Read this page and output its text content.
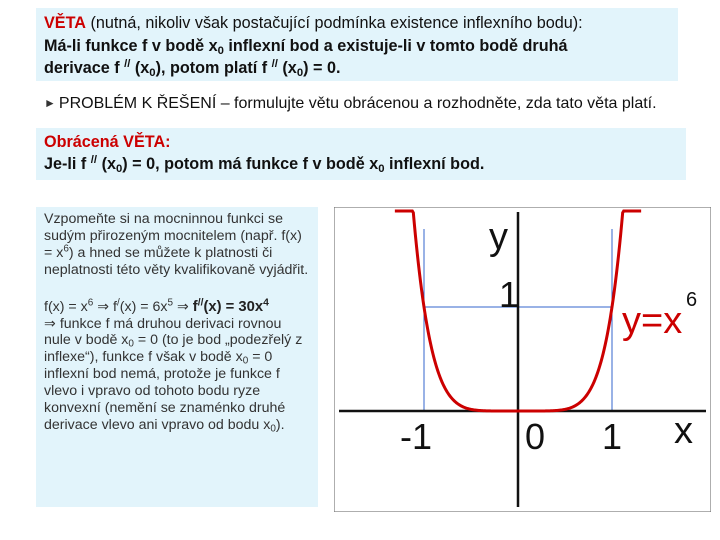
VĚTA (nutná, nikoliv však postačující podmínka existence inflexního bodu):
Má-li funkce f v bodě $x_0$ inflexní bod a existuje-li v tomto bodě druhá
derivace f // $(x_0)$, potom platí f // $(x_0) = 0$.
► PROBLÉM K ŘEŠENÍ – formulujte větu obrácenou a rozhodněte, zda tato věta platí.
Obrácená VĚTA:
Je-li f // $(x_0) = 0$, potom má funkce f v bodě $x_0$ inflexní bod.
Vzpomeňte si na mocninnou funkci se sudým přirozeným mocnitelem (např. $f(x) = x^6$) a hned se můžete k platnosti či neplatnosti této věty kvalifikovaně vyjádřit.
$f(x) = x^6$ ⇒ $f^/(x) = 6x^5$ ⇒ $f^{//}(x) = 30x^4$
⇒ funkce f má druhou derivaci rovnou nule v bodě $x_0 = 0$ (to je bod „podezřelý z inflexe“), funkce f však v bodě $x_0 = 0$ inflexní bod nemá, protože je funkce f vlevo i vpravo od tohoto bodu ryze konvexní (nemění se znaménko druhé derivace vlevo ani vpravo od bodu $x_0$).
y
1
-1	0 1 x
y=x 6
